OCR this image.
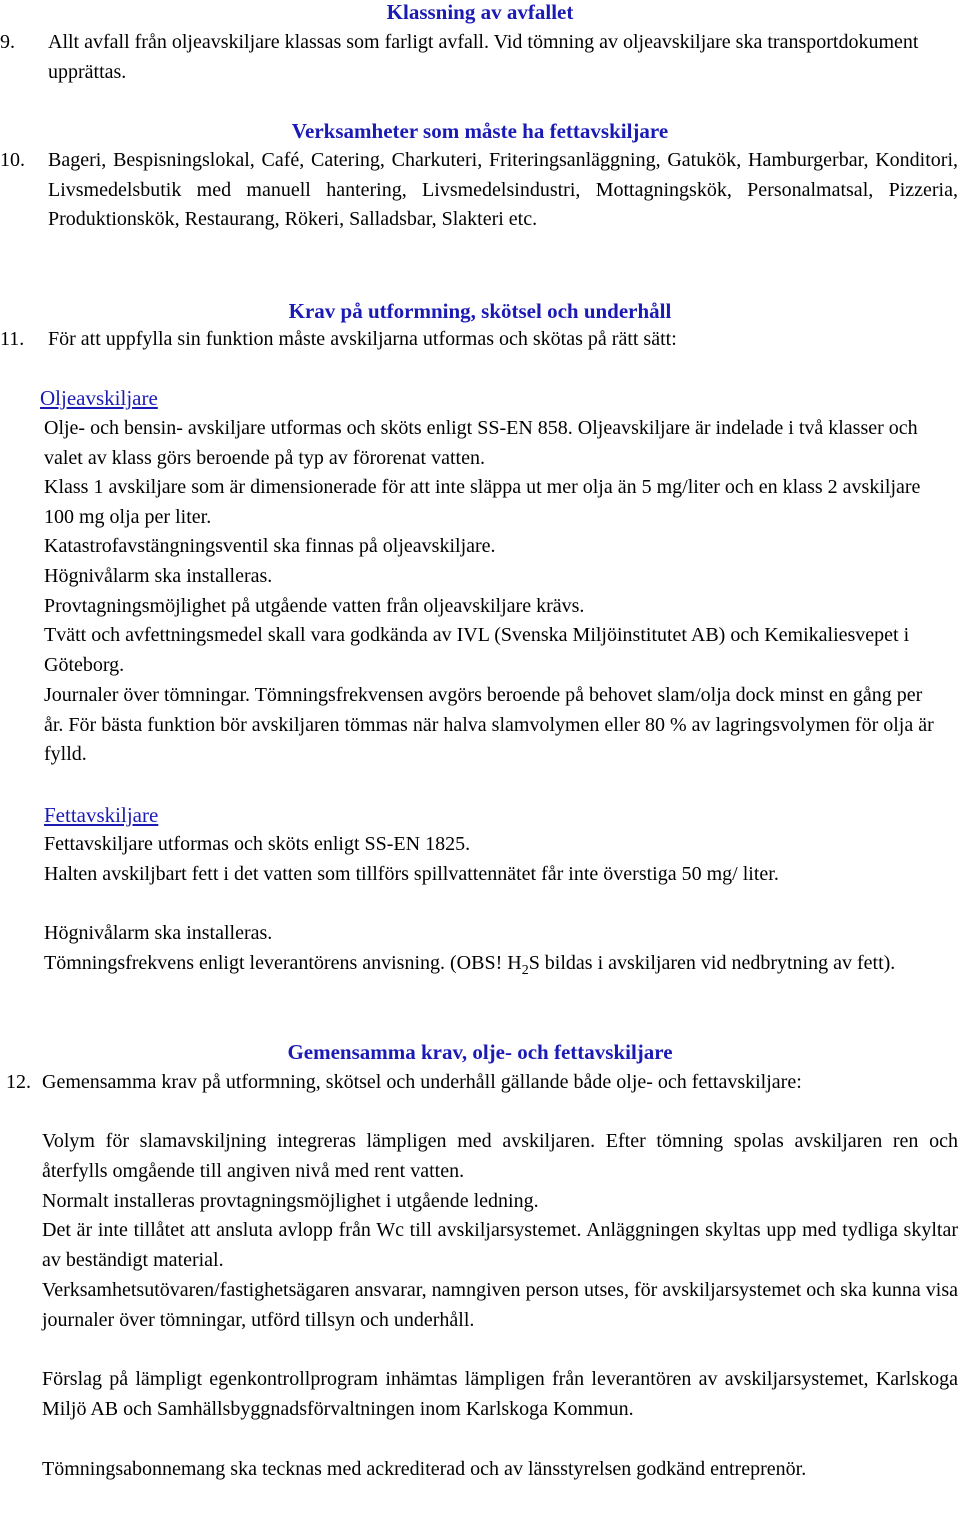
Klassning av avfallet
9. Allt avfall från oljeavskiljare klassas som farligt avfall. Vid tömning av oljeavskiljare ska transportdokument upprättas.

Verksamheter som måste ha fettavskiljare
10. Bageri, Bespisningslokal, Café, Catering, Charkuteri, Friteringsanläggning, Gatukök, Hamburgerbar, Konditori, Livsmedelsbutik med manuell hantering, Livsmedelsindustri, Mottagningskök, Personalmatsal, Pizzeria, Produktionskök, Restaurang, Rökeri, Salladsbar, Slakteri etc.

Krav på utformning, skötsel och underhåll
11. För att uppfylla sin funktion måste avskiljarna utformas och skötas på rätt sätt:

Oljeavskiljare

Olje- och bensin- avskiljare utformas och sköts enligt SS-EN 858. Oljeavskiljare är indelade i två klasser och valet av klass görs beroende på typ av förorenat vatten.

Klass 1 avskiljare som är dimensionerade för att inte släppa ut mer olja än 5 mg/liter och en klass 2 avskiljare 100 mg olja per liter.

Katastrofavstängningsventil ska finnas på oljeavskiljare.

Högnivålarm ska installeras.

Provtagningsmöjlighet på utgående vatten från oljeavskiljare krävs.

Tvätt och avfettningsmedel skall vara godkända av IVL (Svenska Miljöinstitutet AB) och Kemikaliesvepet i Göteborg.

Journaler över tömningar. Tömningsfrekvensen avgörs beroende på behovet slam/olja dock minst en gång per år. För bästa funktion bör avskiljaren tömmas när halva slamvolymen eller 80 % av lagringsvolymen för olja är fylld.

Fettavskiljare

Fettavskiljare utformas och sköts enligt SS-EN 1825.

Halten avskiljbart fett i det vatten som tillförs spillvattennätet får inte överstiga 50 mg/ liter.

Högnivålarm ska installeras.

Tömningsfrekvens enligt leverantörens anvisning. (OBS! $H_2S$ bildas i avskiljaren vid nedbrytning av fett).

Gemensamma krav, olje- och fettavskiljare
12. Gemensamma krav på utformning, skötsel och underhåll gällande både olje- och fettavskiljare:

Volym för slamavskiljning integreras lämpligen med avskiljaren. Efter tömning spolas avskiljaren ren och återfylls omgående till angiven nivå med rent vatten.

Normalt installeras provtagningsmöjlighet i utgående ledning.

Det är inte tillåtet att ansluta avlopp från Wc till avskiljarsystemet. Anläggningen skyltas upp med tydliga skyltar av beständigt material.

Verksamhetsutövaren/fastighetsägaren ansvarar, namngiven person utses, för avskiljarsystemet och ska kunna visa journaler över tömningar, utförd tillsyn och underhåll.

Förslag på lämpligt egenkontrollprogram inhämtas lämpligen från leverantören av avskiljarsystemet, Karlskoga Miljö AB och Samhällsbyggnadsförvaltningen inom Karlskoga Kommun.

Tömningsabonnemang ska tecknas med ackrediterad och av länsstyrelsen godkänd entreprenör.
